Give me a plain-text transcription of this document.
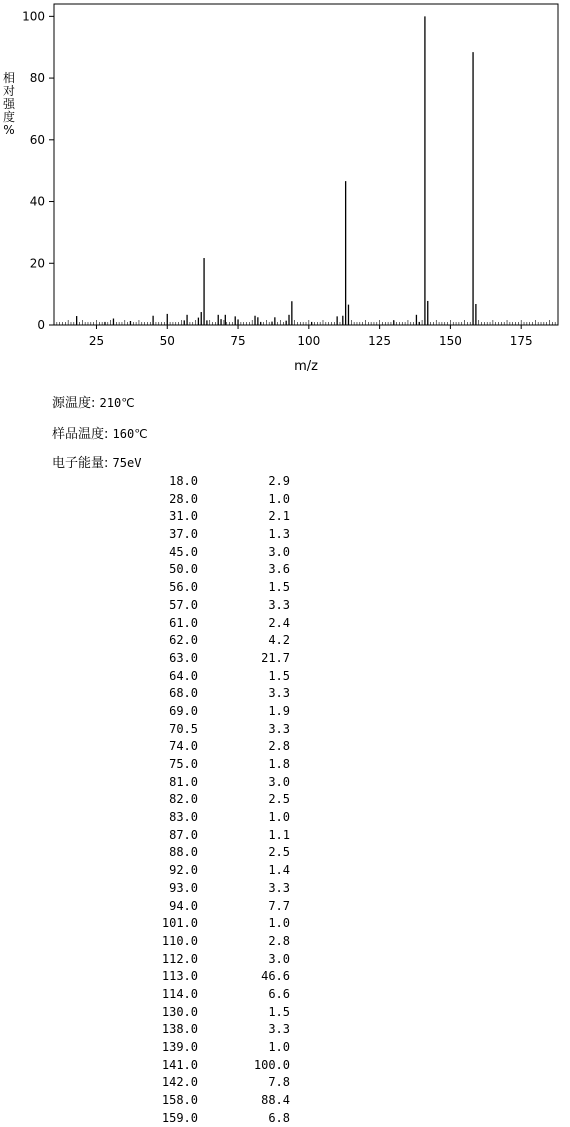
25	50	75	100	125	150	175
0
20
40
60
80
100
m/z
相
对
强
度
%
源温度: 210℃
样品温度: 160℃
电子能量: 75eV
18.0	2.9
28.0	1.0
31.0	2.1
37.0	1.3
45.0	3.0
50.0	3.6
56.0	1.5
57.0	3.3
61.0	2.4
62.0	4.2
63.0	21.7
64.0	1.5
68.0	3.3
69.0	1.9
70.5	3.3
74.0	2.8
75.0	1.8
81.0	3.0
82.0	2.5
83.0	1.0
87.0	1.1
88.0	2.5
92.0	1.4
93.0	3.3
94.0	7.7
101.0	1.0
110.0	2.8
112.0	3.0
113.0	46.6
114.0	6.6
130.0	1.5
138.0	3.3
139.0	1.0
141.0	100.0
142.0	7.8
158.0	88.4
159.0	6.8
